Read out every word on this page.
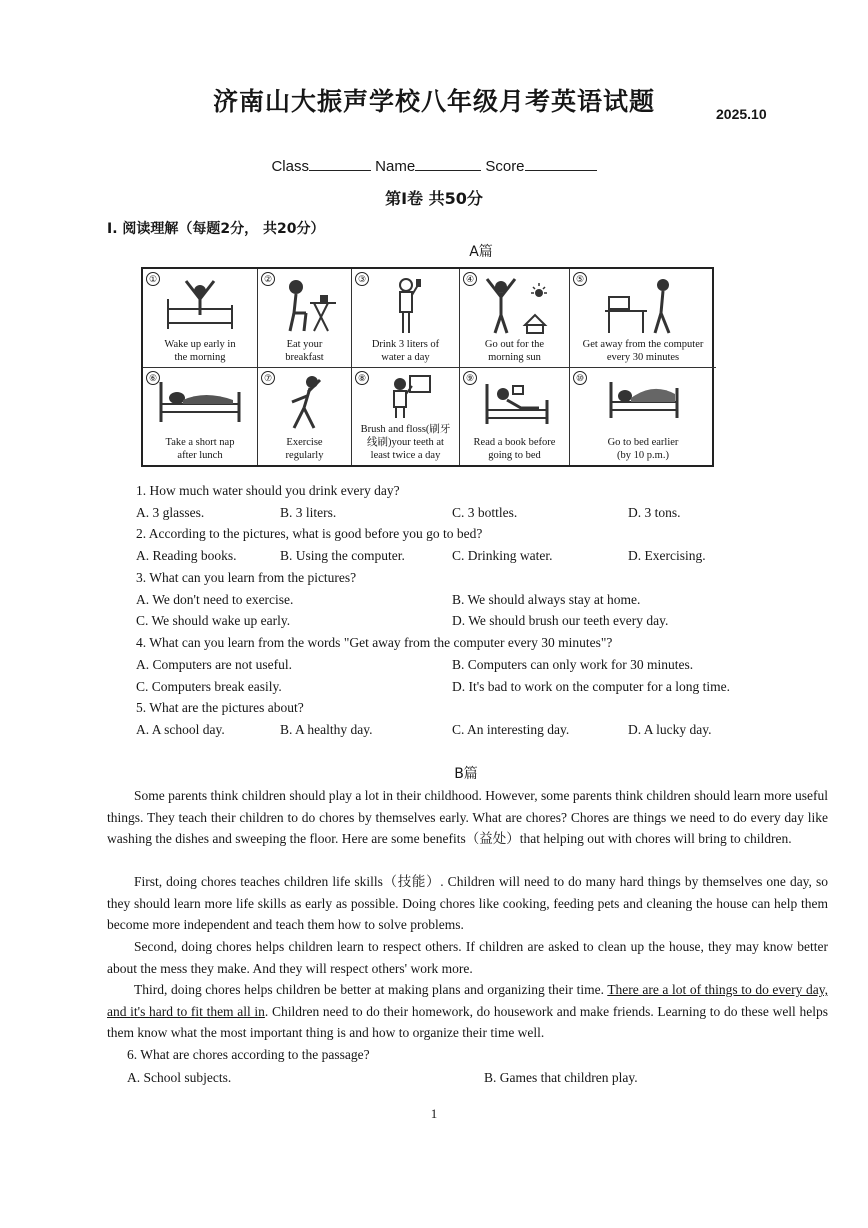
济南山大振声学校八年级月考英语试题	2025.10
Class	Name	Score
第I卷 共50分
I. 阅读理解（每题2分， 共20分）
A篇
①
Wake up early in
the morning
②
Eat your
breakfast
③
Drink 3 liters of
water a day
④
Go out for the
morning sun
⑤
Get away from the computer
every 30 minutes
⑥
Take a short nap
after lunch
⑦
Exercise
regularly
⑧
Brush and floss(刷牙
线刷)your teeth at
least twice a day
⑨
Read a book before
going to bed
⑩
Go to bed earlier
(by 10 p.m.)
1. How much water should you drink every day?
A. 3 glasses.	B. 3 liters.	C. 3 bottles.	D. 3 tons.
2. According to the pictures, what is good before you go to bed?
A. Reading books.	B. Using the computer.	C. Drinking water.	D. Exercising.
3. What can you learn from the pictures?
A. We don't need to exercise.	B. We should always stay at home.
C. We should wake up early.	D. We should brush our teeth every day.
4. What can you learn from the words "Get away from the computer every 30 minutes"?
A. Computers are not useful.	B. Computers can only work for 30 minutes.
C. Computers break easily.	D. It's bad to work on the computer for a long time.
5. What are the pictures about?
A. A school day.	B. A healthy day.	C. An interesting day.	D. A lucky day.
B篇
Some parents think children should play a lot in their childhood. However, some parents think children should learn more useful things. They teach their children to do chores by themselves early. What are chores? Chores are things we need to do every day like washing the dishes and sweeping the floor. Here are some benefits（益处）that helping out with chores will bring to children.
First, doing chores teaches children life skills（技能）. Children will need to do many hard things by themselves one day, so they should learn more life skills as early as possible. Doing chores like cooking, feeding pets and cleaning the house can help them become more independent and teach them how to solve problems.
Second, doing chores helps children learn to respect others. If children are asked to clean up the house, they may know better about the mess they make. And they will respect others' work more.
Third, doing chores helps children be better at making plans and organizing their time. There are a lot of things to do every day, and it's hard to fit them all in. Children need to do their homework, do housework and make friends. Learning to do these well helps them know what the most important thing is and how to organize their time well.
6. What are chores according to the passage?
A. School subjects.	B. Games that children play.
1
